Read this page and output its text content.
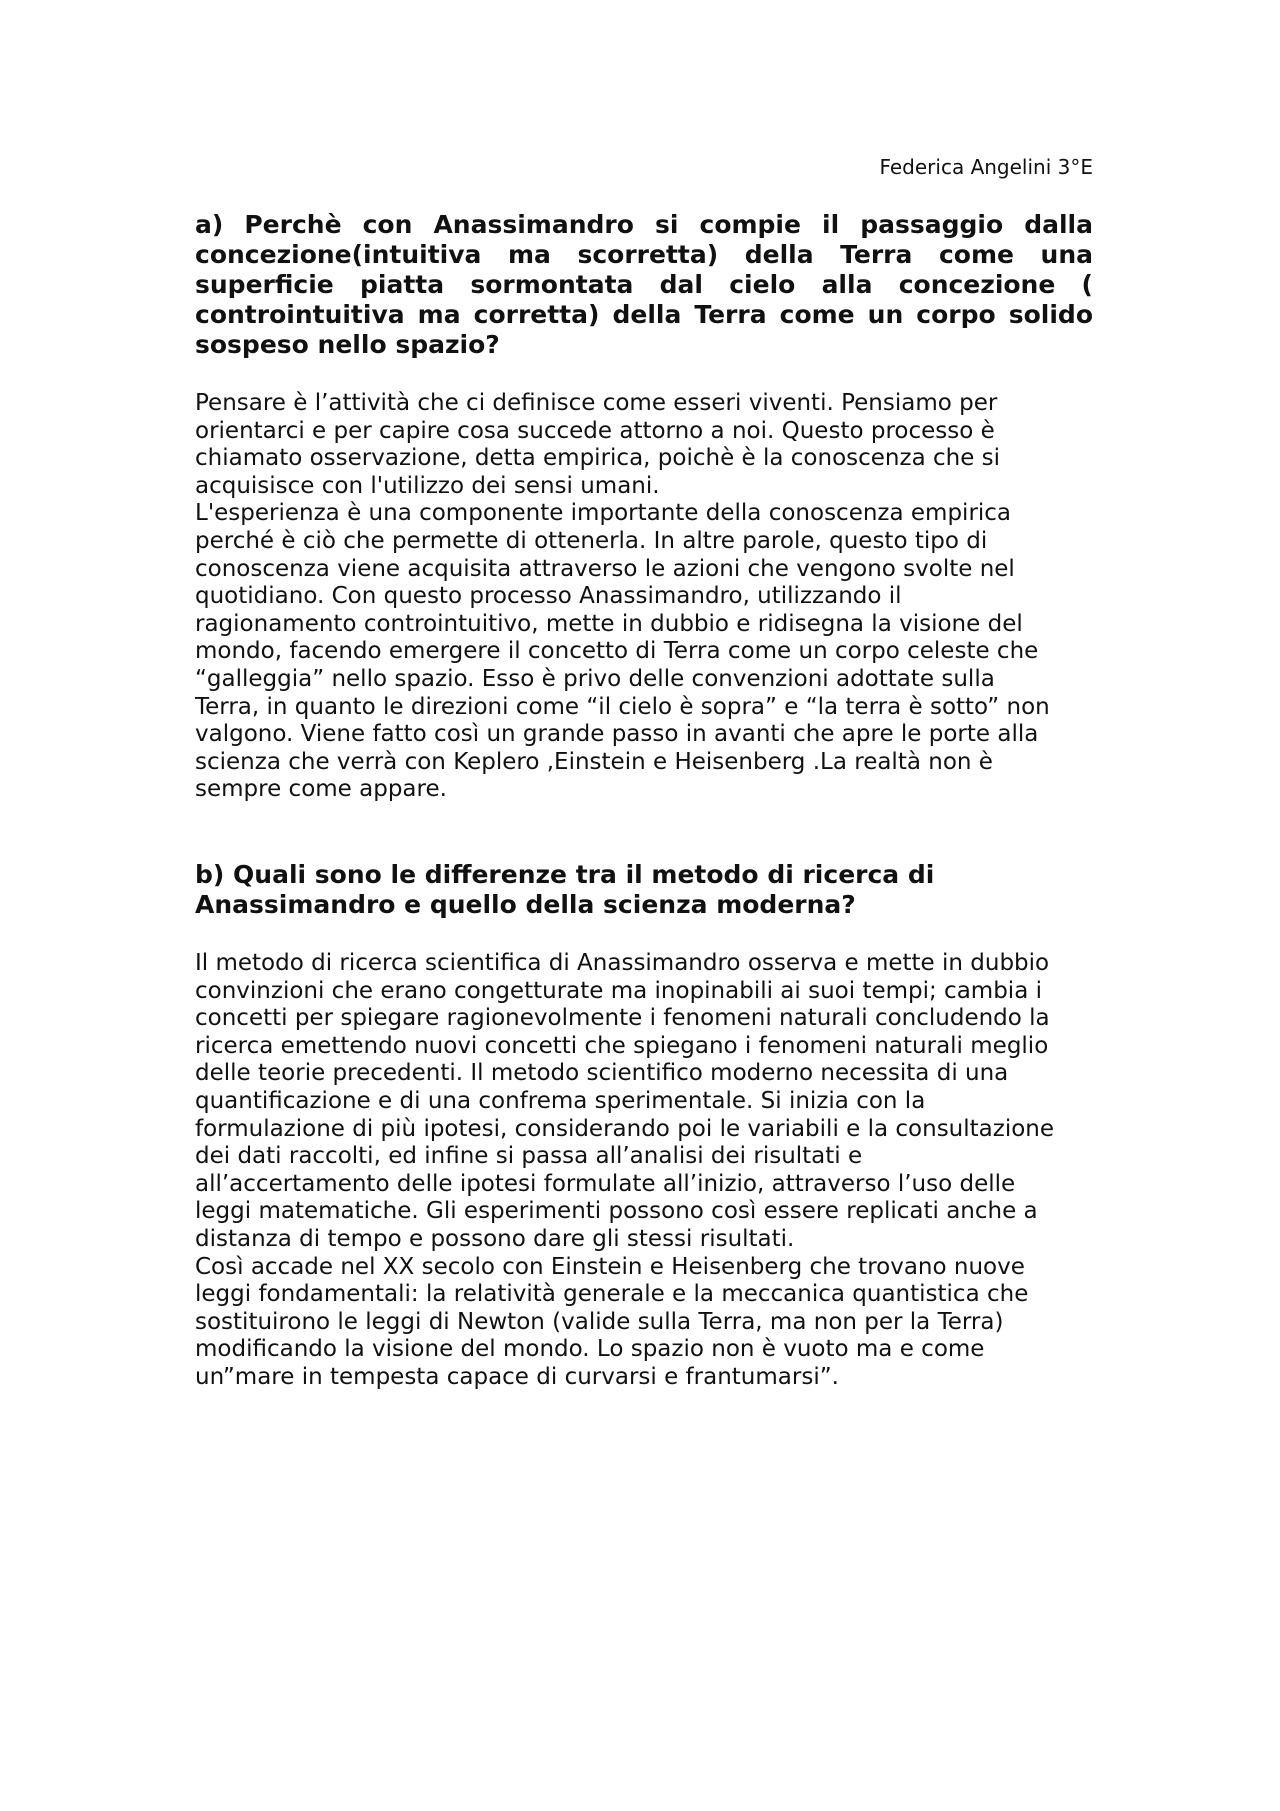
Federica Angelini 3°E
a) Perchè con Anassimandro si compie il passaggio dalla concezione(intuitiva ma scorretta) della Terra come una superficie piatta sormontata dal cielo alla concezione ( controintuitiva ma corretta) della Terra come un corpo solido sospeso nello spazio?
Pensare è l’attività che ci definisce come esseri viventi. Pensiamo per
orientarci e per capire cosa succede attorno a noi. Questo processo è
chiamato osservazione, detta empirica, poichè è la conoscenza che si
acquisisce con l'utilizzo dei sensi umani.
L'esperienza è una componente importante della conoscenza empirica
perché è ciò che permette di ottenerla. In altre parole, questo tipo di
conoscenza viene acquisita attraverso le azioni che vengono svolte nel
quotidiano. Con questo processo Anassimandro, utilizzando il
ragionamento controintuitivo, mette in dubbio e ridisegna la visione del
mondo, facendo emergere il concetto di Terra come un corpo celeste che
“galleggia” nello spazio. Esso è privo delle convenzioni adottate sulla
Terra, in quanto le direzioni come “il cielo è sopra” e “la terra è sotto” non
valgono. Viene fatto così un grande passo in avanti che apre le porte alla
scienza che verrà con Keplero ,Einstein e Heisenberg .La realtà non è
sempre come appare.
b) Quali sono le differenze tra il metodo di ricerca di
Anassimandro e quello della scienza moderna?
Il metodo di ricerca scientifica di Anassimandro osserva e mette in dubbio
convinzioni che erano congetturate ma inopinabili ai suoi tempi; cambia i
concetti per spiegare ragionevolmente i fenomeni naturali concludendo la
ricerca emettendo nuovi concetti che spiegano i fenomeni naturali meglio
delle teorie precedenti. Il metodo scientifico moderno necessita di una
quantificazione e di una confrema sperimentale. Si inizia con la
formulazione di più ipotesi, considerando poi le variabili e la consultazione
dei dati raccolti, ed infine si passa all’analisi dei risultati e
all’accertamento delle ipotesi formulate all’inizio, attraverso l’uso delle
leggi matematiche. Gli esperimenti possono così essere replicati anche a
distanza di tempo e possono dare gli stessi risultati.
Così accade nel XX secolo con Einstein e Heisenberg che trovano nuove
leggi fondamentali: la relatività generale e la meccanica quantistica che
sostituirono le leggi di Newton (valide sulla Terra, ma non per la Terra)
modificando la visione del mondo. Lo spazio non è vuoto ma e come
un”mare in tempesta capace di curvarsi e frantumarsi”.
